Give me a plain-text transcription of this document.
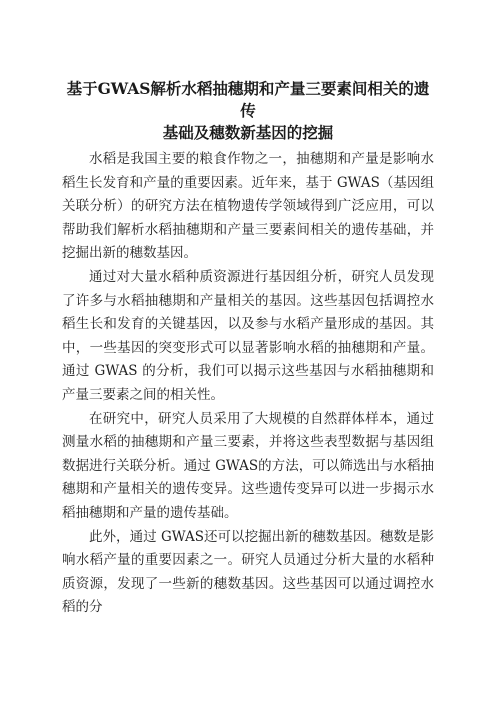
基于GWAS解析水稻抽穗期和产量三要素间相关的遗传
基础及穗数新基因的挖掘

水稻是我国主要的粮食作物之一，抽穗期和产量是影响水稻生长发育和产量的重要因素。近年来，基于 GWAS（基因组关联分析）的研究方法在植物遗传学领域得到广泛应用，可以帮助我们解析水稻抽穗期和产量三要素间相关的遗传基础，并挖掘出新的穗数基因。

通过对大量水稻种质资源进行基因组分析，研究人员发现了许多与水稻抽穗期和产量相关的基因。这些基因包括调控水稻生长和发育的关键基因，以及参与水稻产量形成的基因。其中，一些基因的突变形式可以显著影响水稻的抽穗期和产量。通过 GWAS 的分析，我们可以揭示这些基因与水稻抽穗期和产量三要素之间的相关性。

在研究中，研究人员采用了大规模的自然群体样本，通过测量水稻的抽穗期和产量三要素，并将这些表型数据与基因组数据进行关联分析。通过 GWAS的方法，可以筛选出与水稻抽穗期和产量相关的遗传变异。这些遗传变异可以进一步揭示水稻抽穗期和产量的遗传基础。

此外，通过 GWAS还可以挖掘出新的穗数基因。穗数是影响水稻产量的重要因素之一。研究人员通过分析大量的水稻种质资源，发现了一些新的穗数基因。这些基因可以通过调控水稻的分
